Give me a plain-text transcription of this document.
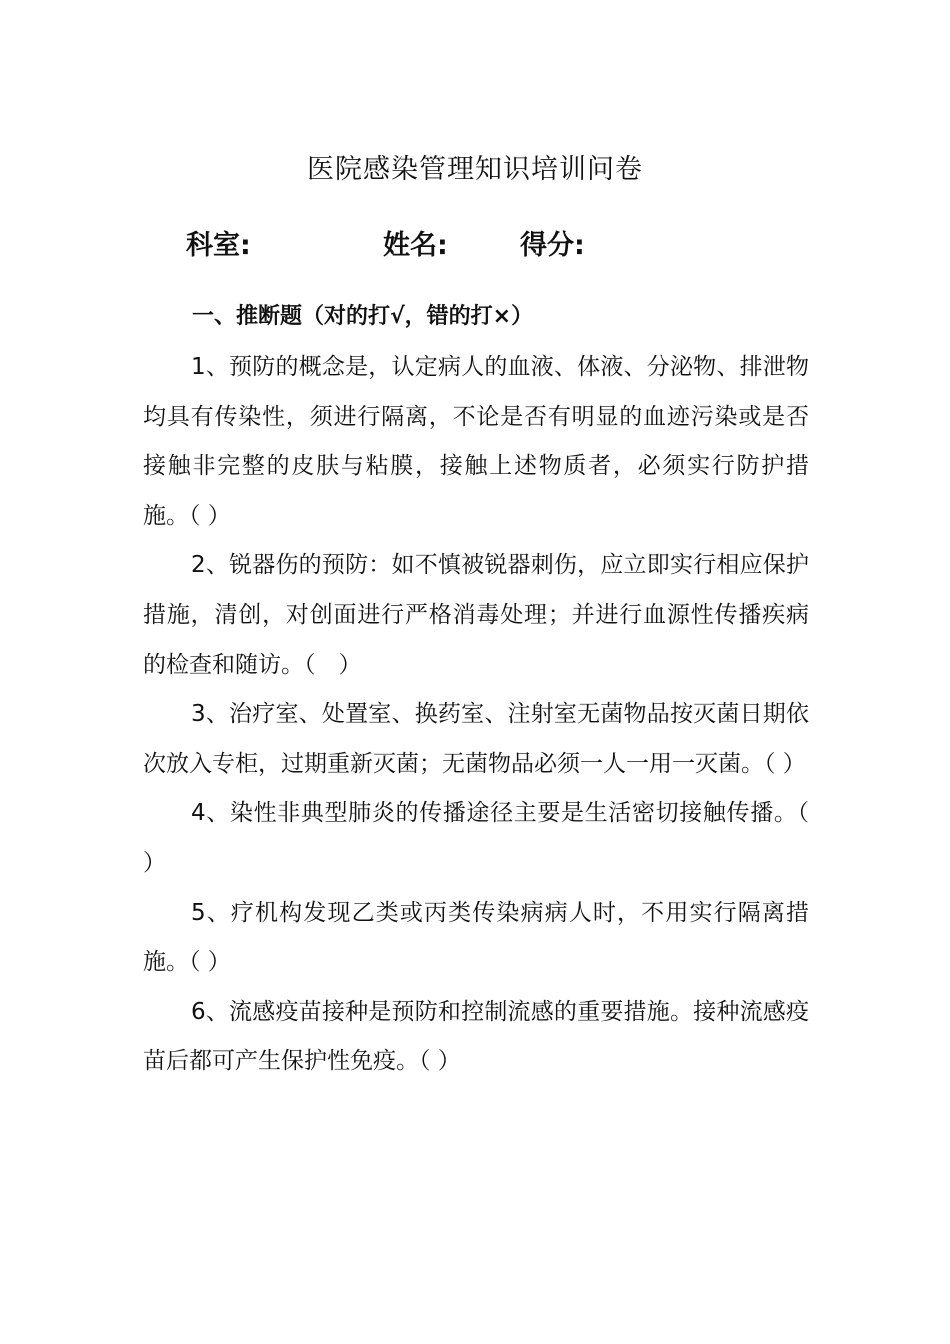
医院感染管理知识培训问卷
科室:	姓名:	得分:
一、推断题（对的打√，错的打×）

1、预防的概念是，认定病人的血液、体液、分泌物、排泄物均具有传染性，须进行隔离，不论是否有明显的血迹污染或是否接触非完整的皮肤与粘膜，接触上述物质者，必须实行防护措施。（ ）

2、锐器伤的预防：如不慎被锐器刺伤，应立即实行相应保护措施，清创，对创面进行严格消毒处理；并进行血源性传播疾病的检查和随访。（　）

3、治疗室、处置室、换药室、注射室无菌物品按灭菌日期依次放入专柜，过期重新灭菌；无菌物品必须一人一用一灭菌。（ ）

4、染性非典型肺炎的传播途径主要是生活密切接触传播。（ ）

5、疗机构发现乙类或丙类传染病病人时，不用实行隔离措施。（ ）

6、流感疫苗接种是预防和控制流感的重要措施。接种流感疫苗后都可产生保护性免疫。（ ）
